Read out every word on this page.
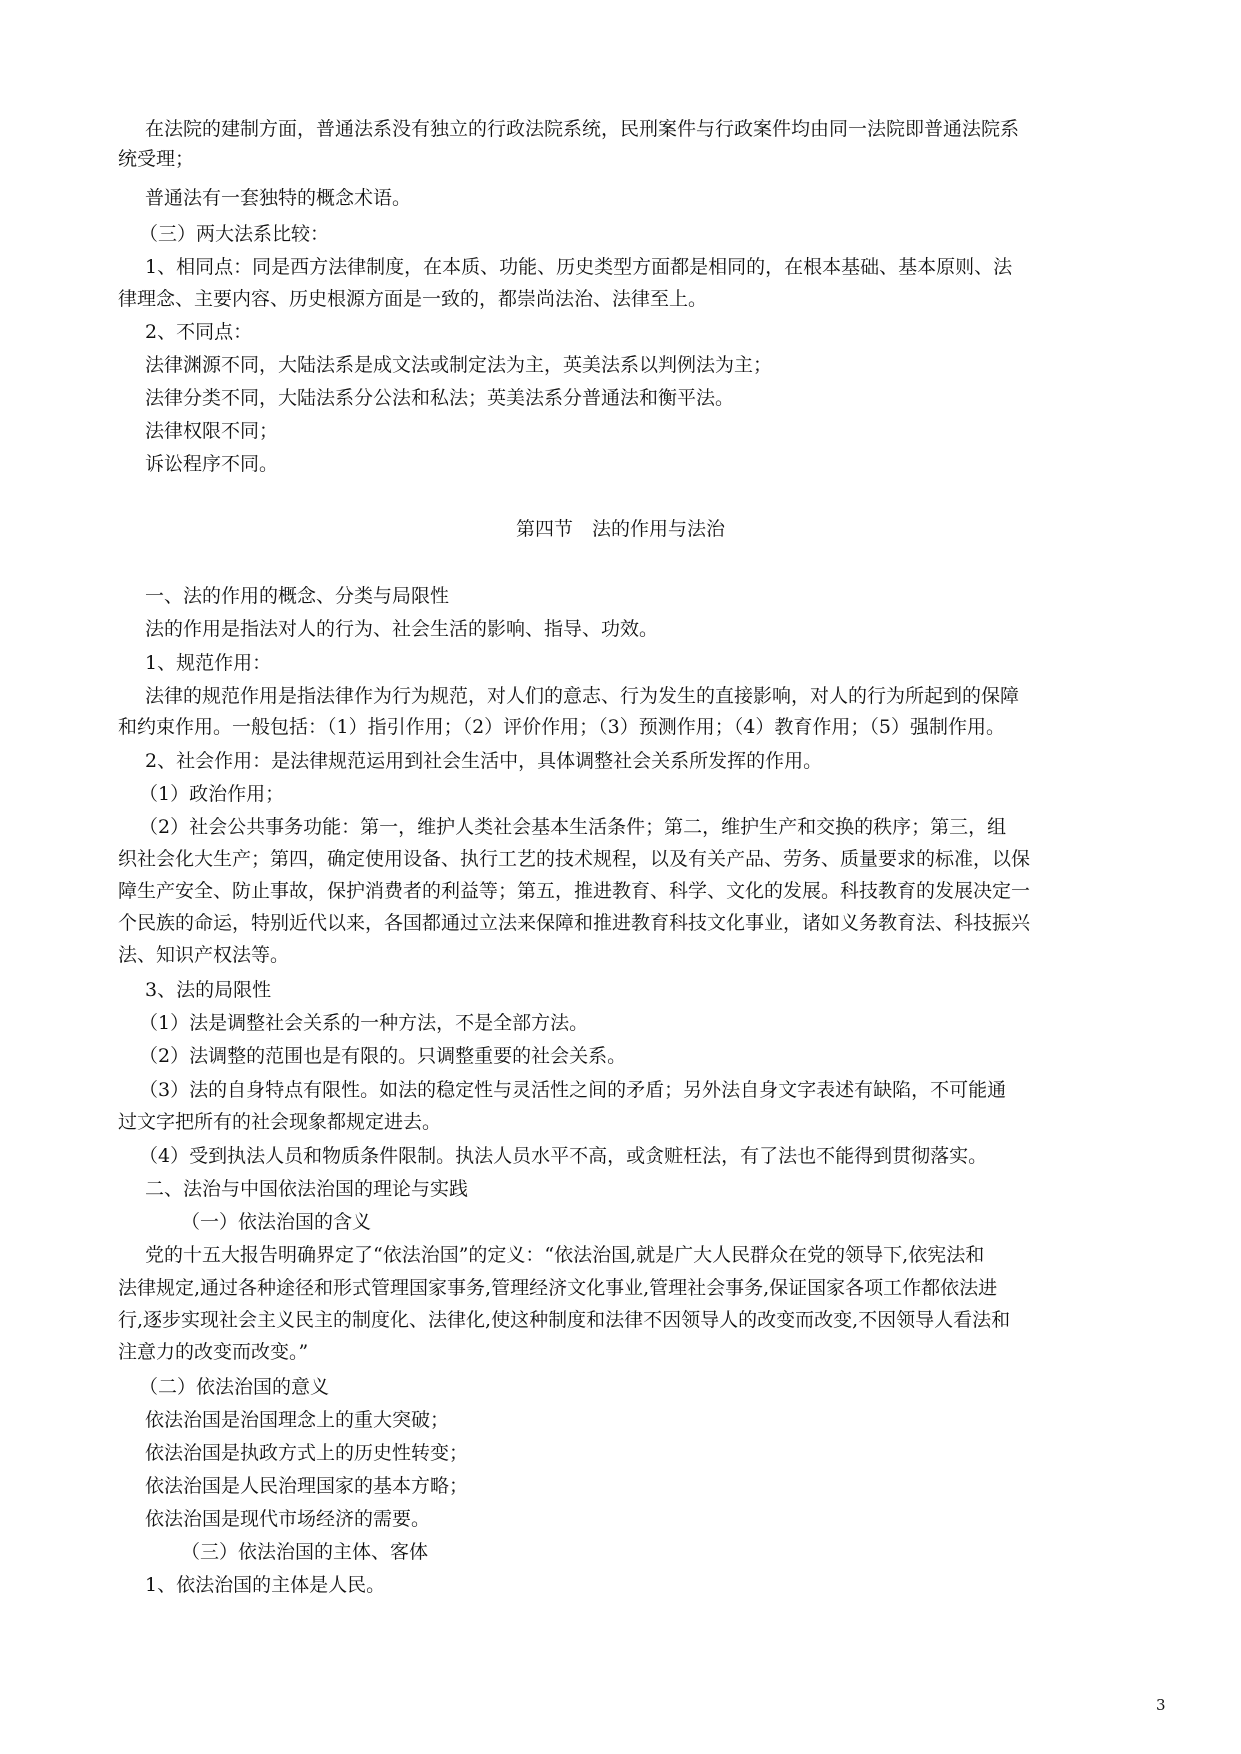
在法院的建制方面，普通法系没有独立的行政法院系统，民刑案件与行政案件均由同一法院即普通法院系
统受理；
普通法有一套独特的概念术语。
（三）两大法系比较：
1、相同点：同是西方法律制度，在本质、功能、历史类型方面都是相同的，在根本基础、基本原则、法
律理念、主要内容、历史根源方面是一致的，都崇尚法治、法律至上。
2、不同点：
法律渊源不同，大陆法系是成文法或制定法为主，英美法系以判例法为主；
法律分类不同，大陆法系分公法和私法；英美法系分普通法和衡平法。
法律权限不同；
诉讼程序不同。
第四节　法的作用与法治
一、法的作用的概念、分类与局限性
法的作用是指法对人的行为、社会生活的影响、指导、功效。
1、规范作用：
法律的规范作用是指法律作为行为规范，对人们的意志、行为发生的直接影响，对人的行为所起到的保障
和约束作用。一般包括：（1）指引作用；（2）评价作用；（3）预测作用；（4）教育作用；（5）强制作用。
2、社会作用：是法律规范运用到社会生活中，具体调整社会关系所发挥的作用。
（1）政治作用；
（2）社会公共事务功能：第一，维护人类社会基本生活条件；第二，维护生产和交换的秩序；第三，组
织社会化大生产；第四，确定使用设备、执行工艺的技术规程，以及有关产品、劳务、质量要求的标准，以保
障生产安全、防止事故，保护消费者的利益等；第五，推进教育、科学、文化的发展。科技教育的发展决定一
个民族的命运，特别近代以来，各国都通过立法来保障和推进教育科技文化事业，诸如义务教育法、科技振兴
法、知识产权法等。
3、法的局限性
（1）法是调整社会关系的一种方法，不是全部方法。
（2）法调整的范围也是有限的。只调整重要的社会关系。
（3）法的自身特点有限性。如法的稳定性与灵活性之间的矛盾；另外法自身文字表述有缺陷，不可能通
过文字把所有的社会现象都规定进去。
（4）受到执法人员和物质条件限制。执法人员水平不高，或贪赃枉法，有了法也不能得到贯彻落实。
二、法治与中国依法治国的理论与实践
（一）依法治国的含义
党的十五大报告明确界定了“依法治国”的定义：“依法治国,就是广大人民群众在党的领导下,依宪法和
法律规定,通过各种途径和形式管理国家事务,管理经济文化事业,管理社会事务,保证国家各项工作都依法进
行,逐步实现社会主义民主的制度化、法律化,使这种制度和法律不因领导人的改变而改变,不因领导人看法和
注意力的改变而改变。”
（二）依法治国的意义
依法治国是治国理念上的重大突破；
依法治国是执政方式上的历史性转变；
依法治国是人民治理国家的基本方略；
依法治国是现代市场经济的需要。
（三）依法治国的主体、客体
1、依法治国的主体是人民。
3
